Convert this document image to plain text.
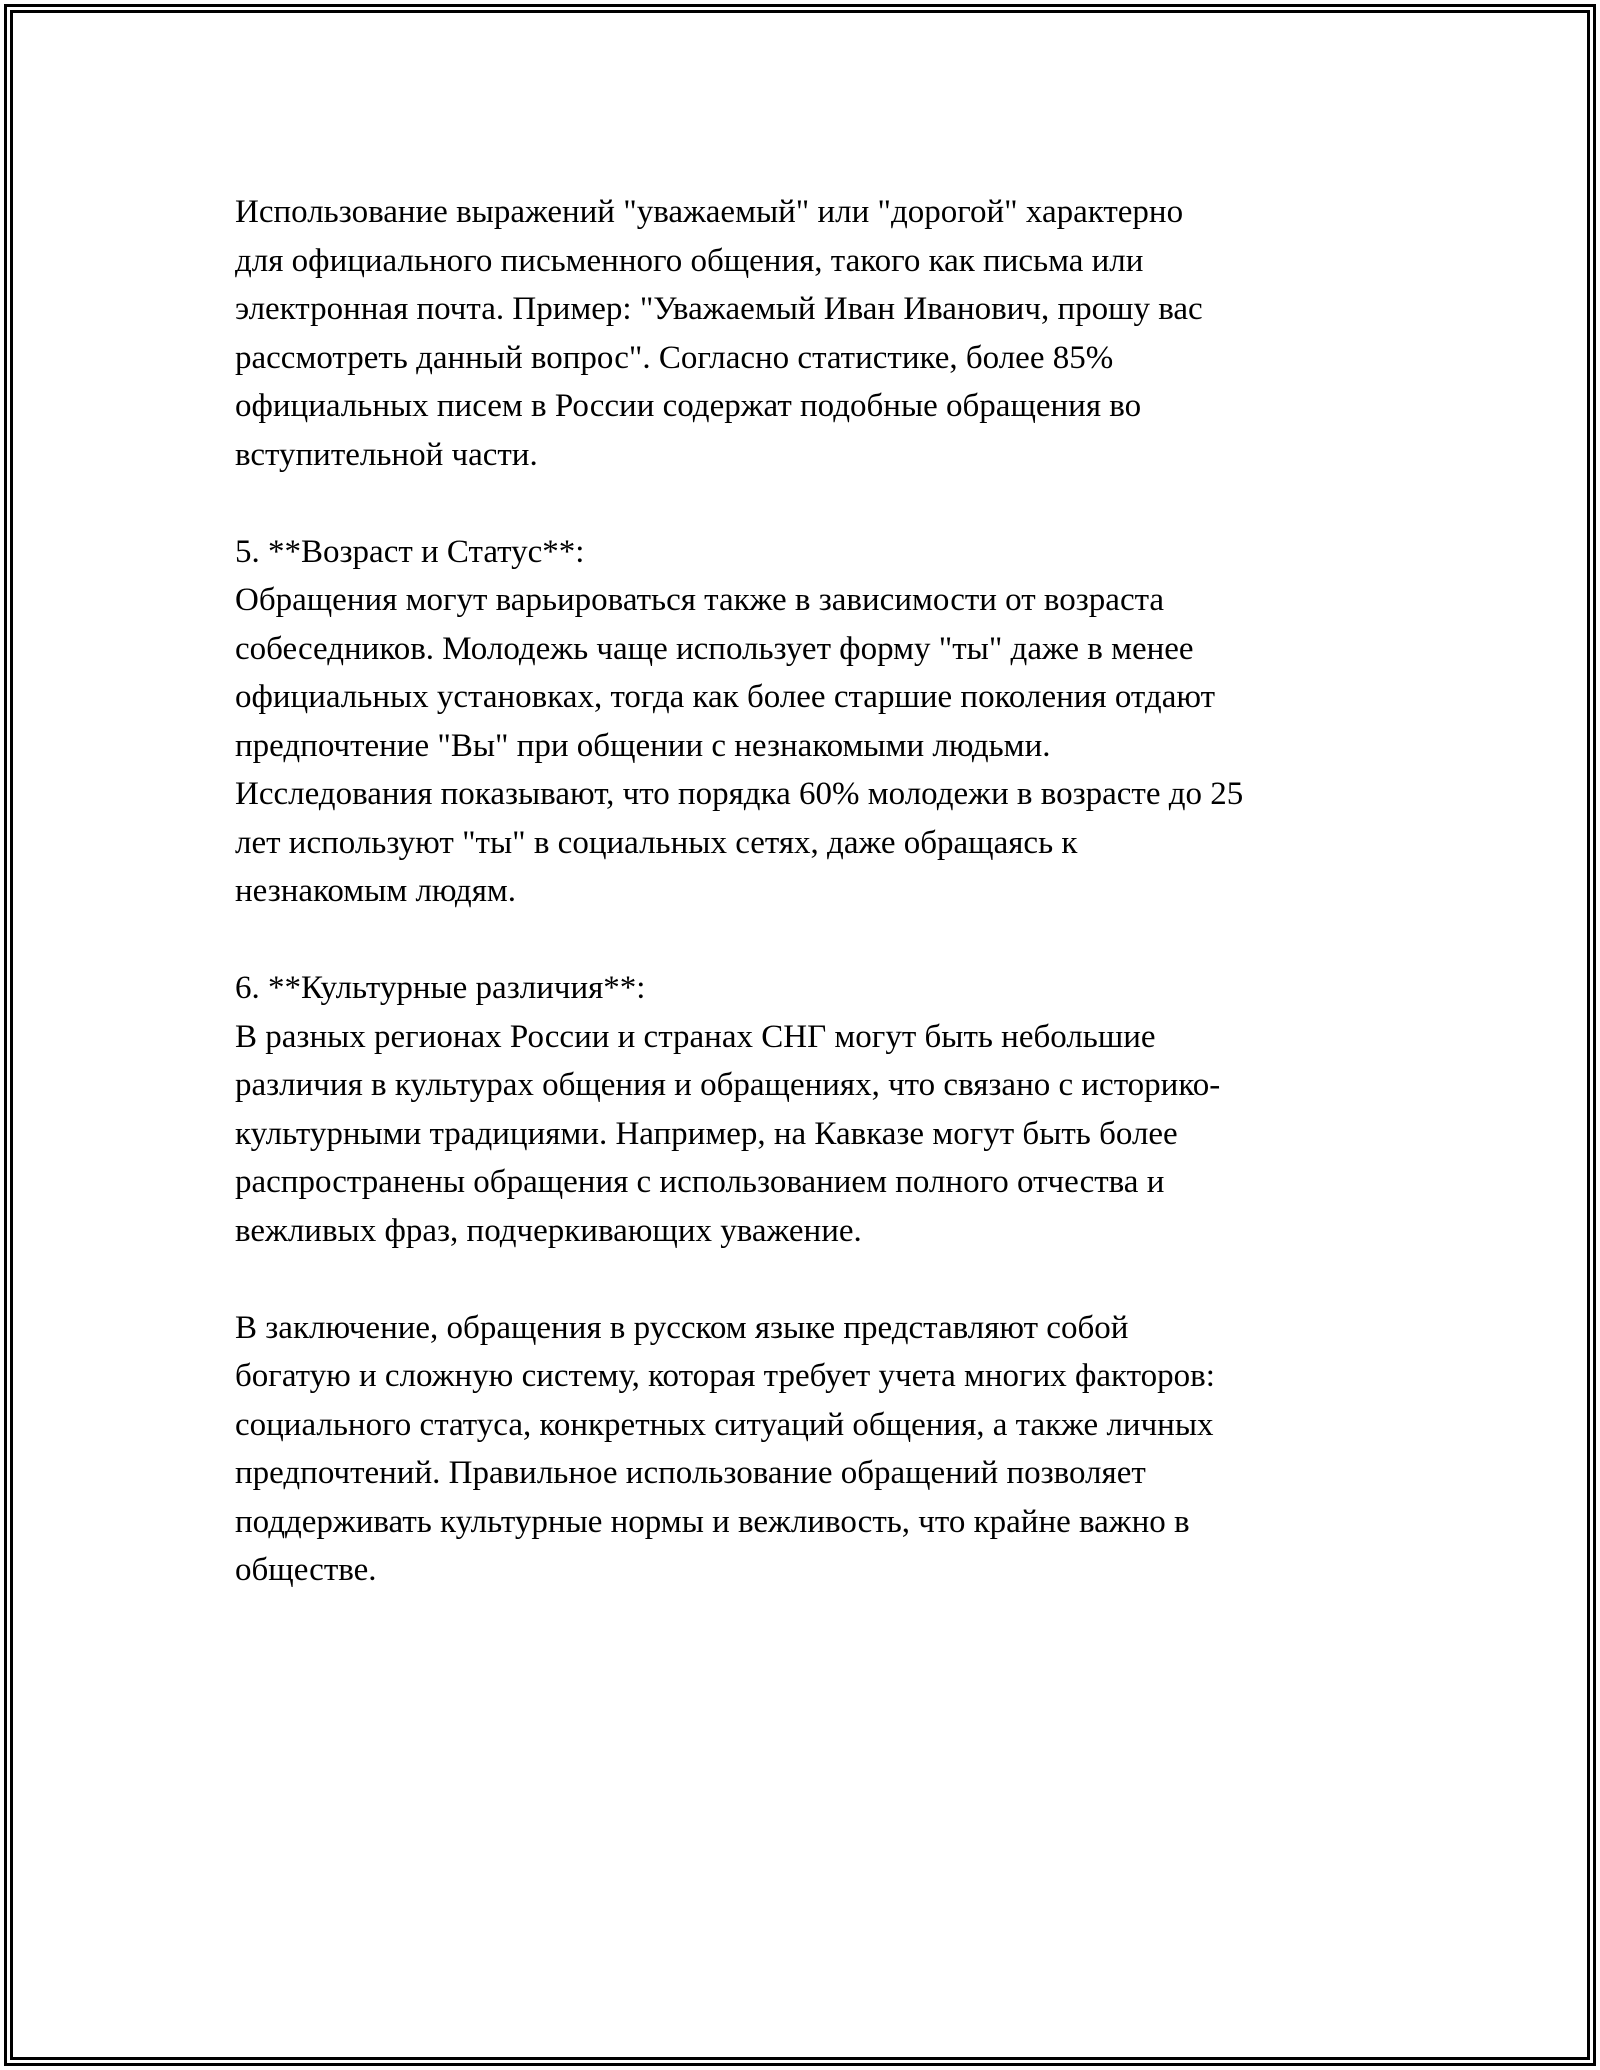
Использование выражений "уважаемый" или "дорогой" характерно
для официального письменного общения, такого как письма или
электронная почта. Пример: "Уважаемый Иван Иванович, прошу вас
рассмотреть данный вопрос". Согласно статистике, более 85%
официальных писем в России содержат подобные обращения во
вступительной части.

5. **Возраст и Статус**:

Обращения могут варьироваться также в зависимости от возраста
собеседников. Молодежь чаще использует форму "ты" даже в менее
официальных установках, тогда как более старшие поколения отдают
предпочтение "Вы" при общении с незнакомыми людьми.
Исследования показывают, что порядка 60% молодежи в возрасте до 25
лет используют "ты" в социальных сетях, даже обращаясь к
незнакомым людям.

6. **Культурные различия**:

В разных регионах России и странах СНГ могут быть небольшие
различия в культурах общения и обращениях, что связано с историко-
культурными традициями. Например, на Кавказе могут быть более
распространены обращения с использованием полного отчества и
вежливых фраз, подчеркивающих уважение.

В заключение, обращения в русском языке представляют собой
богатую и сложную систему, которая требует учета многих факторов:
социального статуса, конкретных ситуаций общения, а также личных
предпочтений. Правильное использование обращений позволяет
поддерживать культурные нормы и вежливость, что крайне важно в
обществе.
